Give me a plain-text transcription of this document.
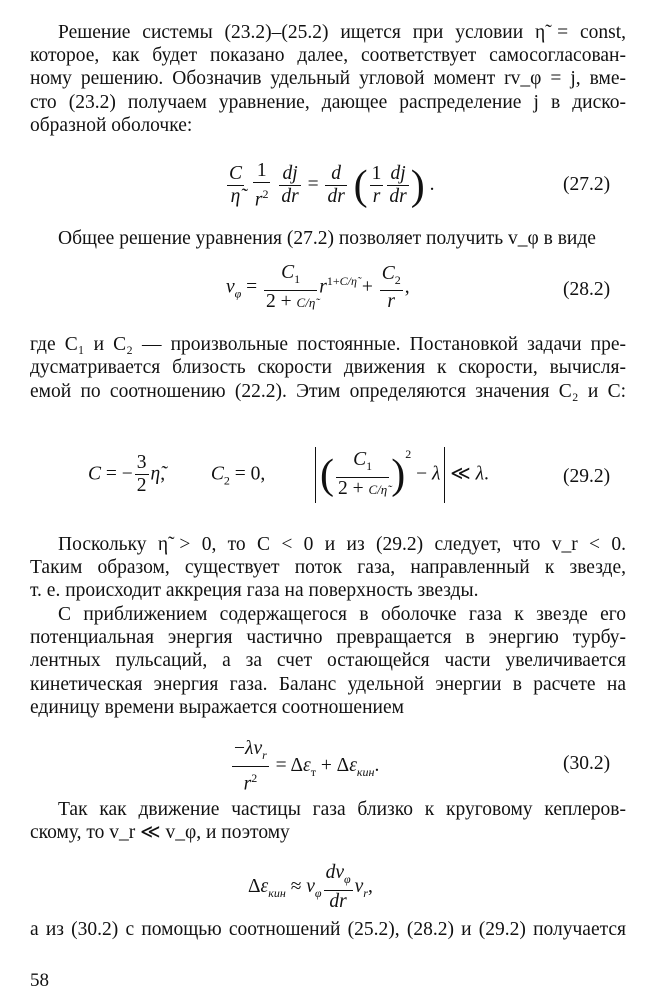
Решение системы (23.2)–(25.2) ищется при условии η̃ = const,
которое, как будет показано далее, соответствует самосогласован-
ному решению. Обозначив удельный угловой момент rv_φ = j, вме-
сто (23.2) получаем уравнение, дающее распределение j в диско-
образной оболочке:
$\frac{C}{\etã}$
$\frac{1}{r^2}$
$\frac{dj}{dr} = \frac{d}{dr}$ ( $\frac{1}{r} \frac{dj}{dr}$ ) .	(27.2)
Общее решение уравнения (27.2) позволяет получить v_φ в виде
$v_\varphi = \frac{C_1}{2 + C/\etã} r^{1+C/\etã} + \frac{C_2}{r}$ ,	(28.2)
где C₁ и C₂ — произвольные постоянные. Постановкой задачи пре-
дусматривается близость скорости движения к скорости, вычисля-
емой по соотношению (22.2). Этим определяются значения C₂ и C:
C = − $\frac{3}{2}$ η̃,  $C_2 = 0$,  ( $\frac{C_1}{2 + C/\etã} )^2 - \lambda$ ≪ λ.	(29.2)
Поскольку η̃ > 0, то C < 0 и из (29.2) следует, что v_r < 0.
Таким образом, существует поток газа, направленный к звезде,
т. е. происходит аккреция газа на поверхность звезды.
С приближением содержащегося в оболочке газа к звезде его
потенциальная энергия частично превращается в энергию турбу-
лентных пульсаций, а за счет остающейся части увеличивается
кинетическая энергия газа. Баланс удельной энергии в расчете на
единицу времени выражается соотношением
$\frac{-\lambda v_r}{r^2} = \Delta\varepsilon_т + \Delta\varepsilon_{кин}$.	(30.2)
Так как движение частицы газа близко к круговому кеплеров-
скому, то v_r ≪ v_φ, и поэтому
$\Delta\varepsilon_{кин} \approx v_\varphi \frac{dv_\varphi}{dr} v_r$,
а из (30.2) с помощью соотношений (25.2), (28.2) и (29.2) получается
58
